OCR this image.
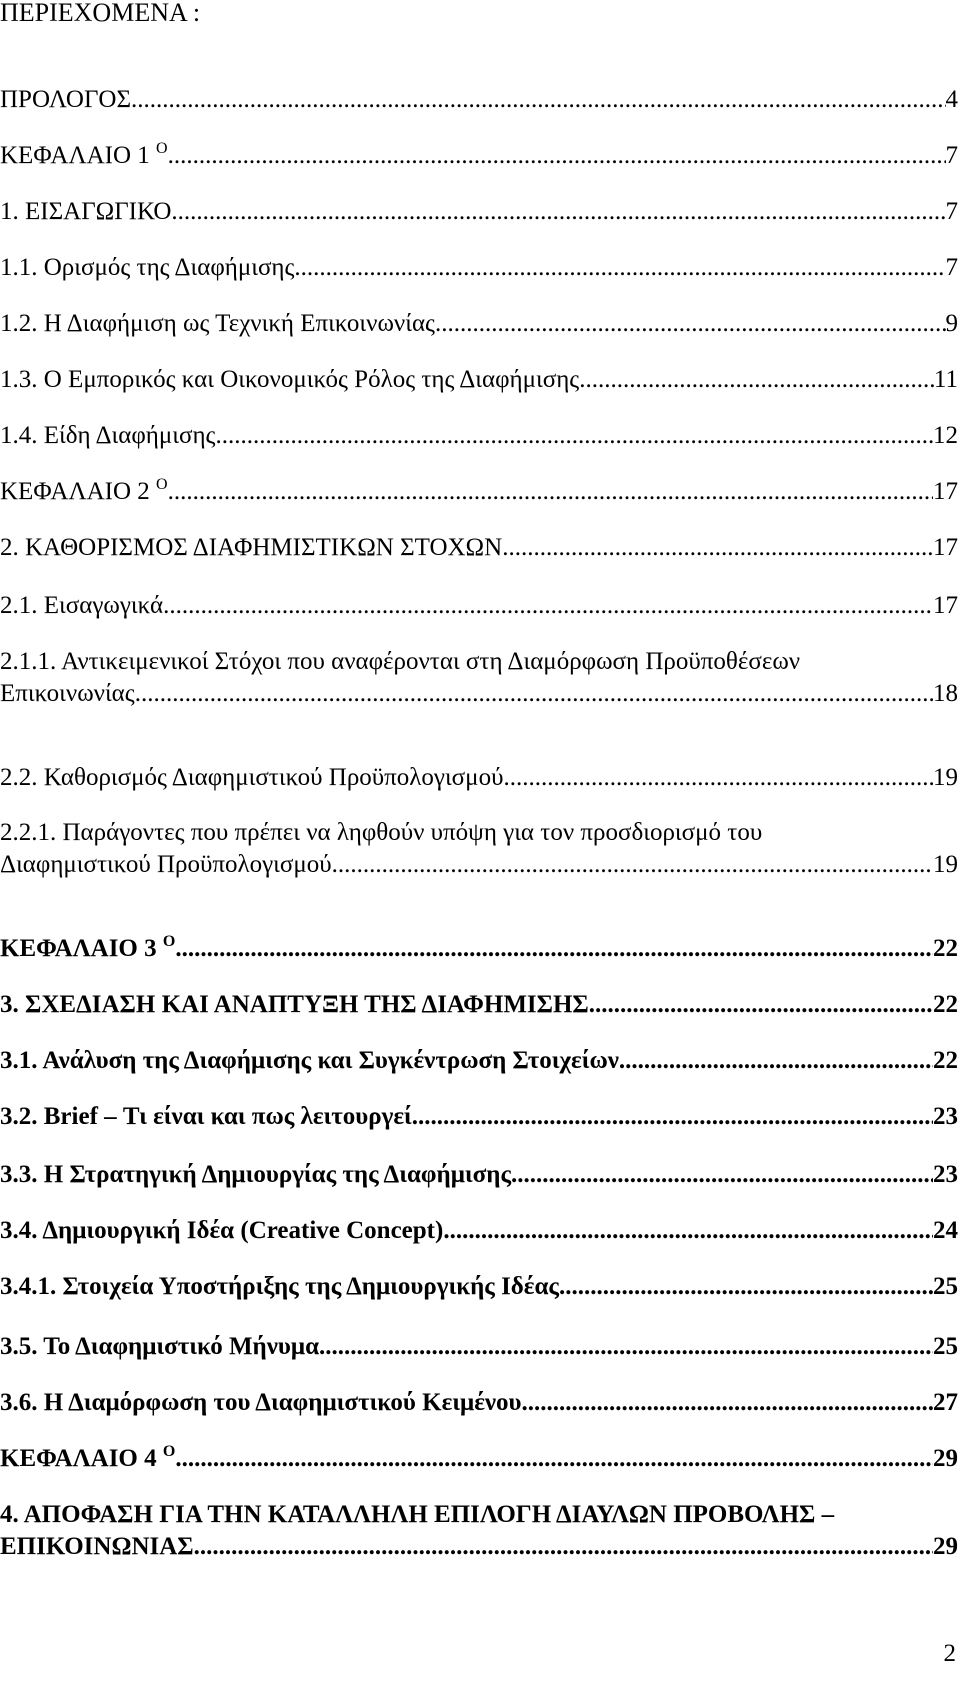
ΠΕΡΙΕΧΟΜΕΝΑ :
ΠΡΟΛΟΓΟΣ .....	4
ΚΕΦΑΛΑΙΟ 1 $^O$ .....	7
1. ΕΙΣΑΓΩΓΙΚΟ .....	7
1.1. Ορισμός της Διαφήμισης .....	7
1.2. Η Διαφήμιση ως Τεχνική Επικοινωνίας .....	9
1.3. Ο Εμπορικός και Οικονομικός Ρόλος της Διαφήμισης .....	11
1.4. Είδη Διαφήμισης .....	12
ΚΕΦΑΛΑΙΟ 2 $^O$ .....	17
2. ΚΑΘΟΡΙΣΜΟΣ ΔΙΑΦΗΜΙΣΤΙΚΩΝ ΣΤΟΧΩΝ .....	17
2.1. Εισαγωγικά .....	17
2.1.1. Αντικειμενικοί Στόχοι που αναφέρονται στη Διαμόρφωση Προϋποθέσεων
Επικοινωνίας .....	18
2.2. Καθορισμός Διαφημιστικού Προϋπολογισμού .....	19
2.2.1. Παράγοντες που πρέπει να ληφθούν υπόψη για τον προσδιορισμό του
Διαφημιστικού Προϋπολογισμού .....	19
ΚΕΦΑΛΑΙΟ 3 $^O$ .....	22
3. ΣΧΕΔΙΑΣΗ ΚΑΙ ΑΝΑΠΤΥΞΗ ΤΗΣ ΔΙΑΦΗΜΙΣΗΣ .....	22
3.1. Ανάλυση της Διαφήμισης και Συγκέντρωση Στοιχείων .....	22
3.2. Brief – Τι είναι και πως λειτουργεί .....	23
3.3. Η Στρατηγική Δημιουργίας της Διαφήμισης .....	23
3.4. Δημιουργική Ιδέα (Creative Concept) .....	24
3.4.1. Στοιχεία Υποστήριξης της Δημιουργικής Ιδέας .....	25
3.5. Το Διαφημιστικό Μήνυμα .....	25
3.6. Η Διαμόρφωση του Διαφημιστικού Κειμένου .....	27
ΚΕΦΑΛΑΙΟ 4 $^O$ .....	29
4. ΑΠΟΦΑΣΗ ΓΙΑ ΤΗΝ ΚΑΤΑΛΛΗΛΗ ΕΠΙΛΟΓΗ ΔΙΑΥΛΩΝ ΠΡΟΒΟΛΗΣ –
ΕΠΙΚΟΙΝΩΝΙΑΣ .....	29
2
